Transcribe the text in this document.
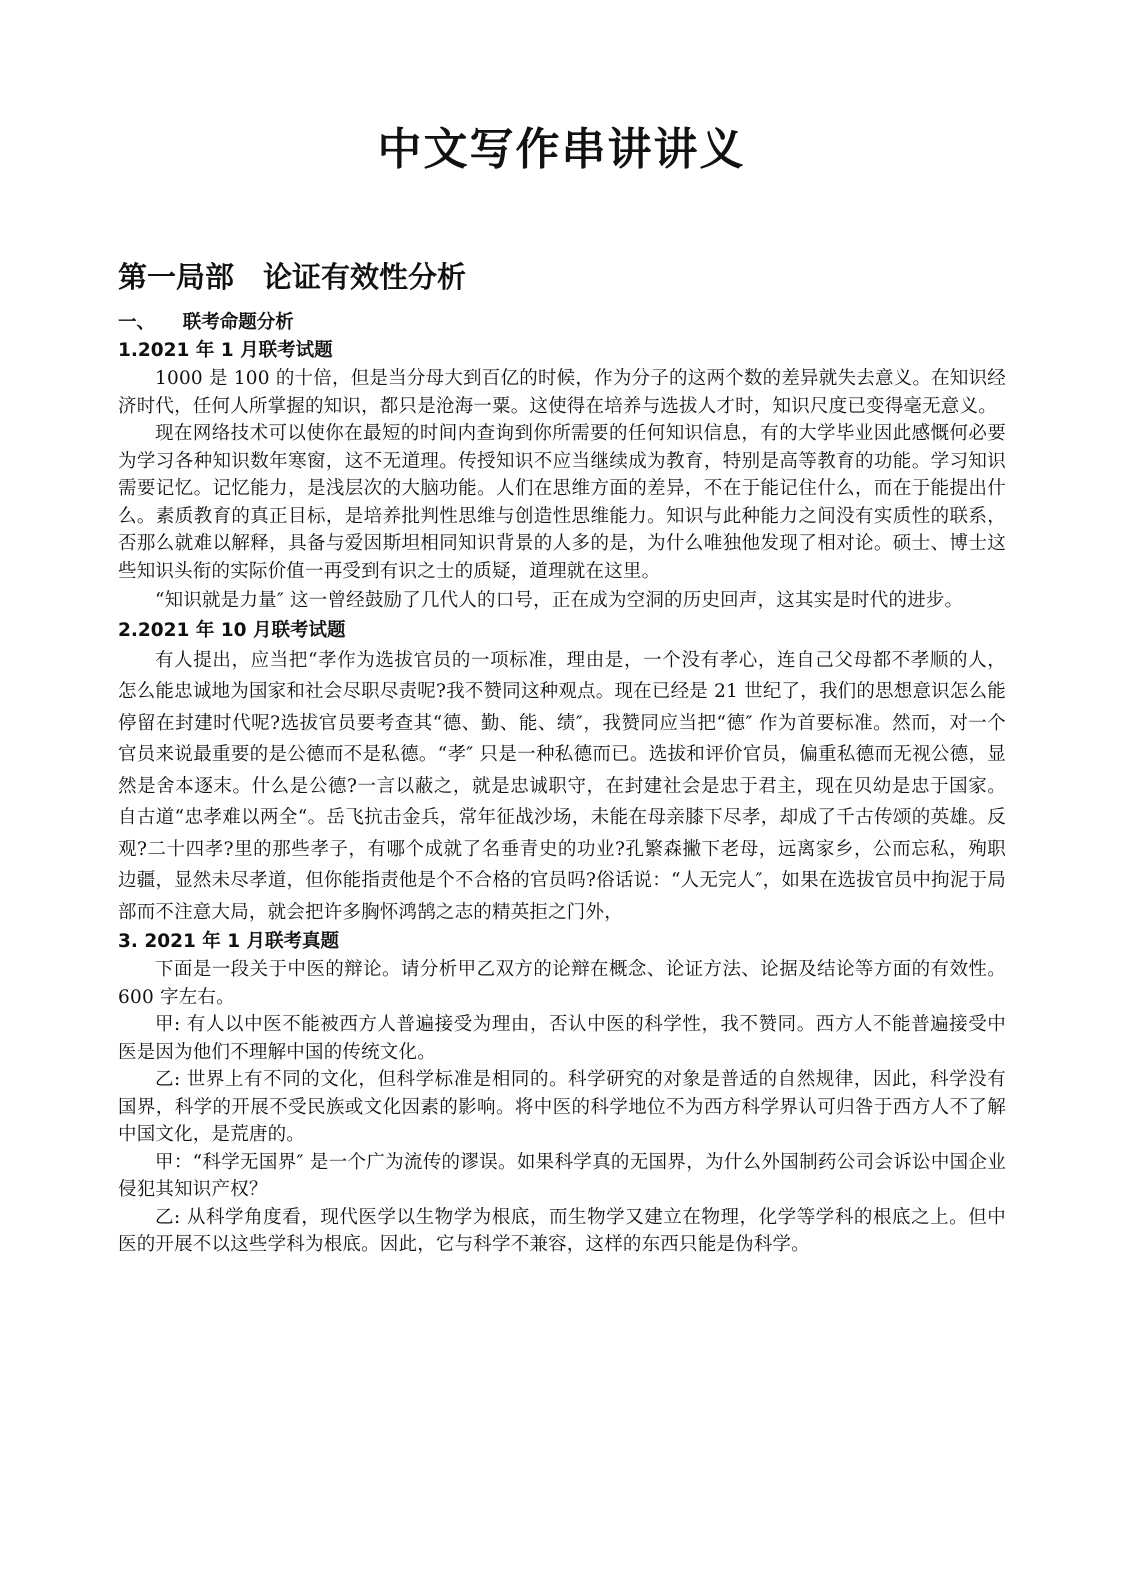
中文写作串讲讲义
第一局部　论证有效性分析
一、　　联考命题分析
1.2021 年 1 月联考试题

1000 是 100 的十倍，但是当分母大到百亿的时候，作为分子的这两个数的差异就失去意义。在知识经济时代，任何人所掌握的知识，都只是沧海一粟。这使得在培养与选拔人才时，知识尺度已变得毫无意义。

现在网络技术可以使你在最短的时间内查询到你所需要的任何知识信息，有的大学毕业因此感慨何必要为学习各种知识数年寒窗，这不无道理。传授知识不应当继续成为教育，特别是高等教育的功能。学习知识需要记忆。记忆能力，是浅层次的大脑功能。人们在思维方面的差异，不在于能记住什么，而在于能提出什么。素质教育的真正目标，是培养批判性思维与创造性思维能力。知识与此种能力之间没有实质性的联系，否那么就难以解释，具备与爱因斯坦相同知识背景的人多的是，为什么唯独他发现了相对论。硕士、博士这些知识头衔的实际价值一再受到有识之士的质疑，道理就在这里。

“知识就是力量″ 这一曾经鼓励了几代人的口号，正在成为空洞的历史回声，这其实是时代的进步。

2.2021 年 10 月联考试题

有人提出，应当把“孝作为选拔官员的一项标准，理由是，一个没有孝心，连自己父母都不孝顺的人，怎么能忠诚地为国家和社会尽职尽责呢?我不赞同这种观点。现在已经是 21 世纪了，我们的思想意识怎么能停留在封建时代呢?选拔官员要考查其“德、勤、能、绩″，我赞同应当把“德″ 作为首要标准。然而，对一个官员来说最重要的是公德而不是私德。“孝″ 只是一种私德而已。选拔和评价官员，偏重私德而无视公德，显然是舍本逐末。什么是公德?一言以蔽之，就是忠诚职守，在封建社会是忠于君主，现在贝幼是忠于国家。自古道“忠孝难以两全“。岳飞抗击金兵，常年征战沙场，未能在母亲膝下尽孝，却成了千古传颂的英雄。反观?二十四孝?里的那些孝子，有哪个成就了名垂青史的功业?孔繁森撇下老母，远离家乡，公而忘私，殉职边疆，显然未尽孝道，但你能指责他是个不合格的官员吗?俗话说：“人无完人″，如果在选拔官员中拘泥于局部而不注意大局，就会把许多胸怀鸿鹄之志的精英拒之门外，

3. 2021 年 1 月联考真题

下面是一段关于中医的辩论。请分析甲乙双方的论辩在概念、论证方法、论据及结论等方面的有效性。600 字左右。

甲: 有人以中医不能被西方人普遍接受为理由，否认中医的科学性，我不赞同。西方人不能普遍接受中医是因为他们不理解中国的传统文化。

乙: 世界上有不同的文化，但科学标准是相同的。科学研究的对象是普适的自然规律，因此，科学没有国界，科学的开展不受民族或文化因素的影响。将中医的科学地位不为西方科学界认可归咎于西方人不了解中国文化，是荒唐的。

甲：“科学无国界″ 是一个广为流传的谬误。如果科学真的无国界，为什么外国制药公司会诉讼中国企业侵犯其知识产权？

乙: 从科学角度看，现代医学以生物学为根底，而生物学又建立在物理，化学等学科的根底之上。但中医的开展不以这些学科为根底。因此，它与科学不兼容，这样的东西只能是伪科学。
